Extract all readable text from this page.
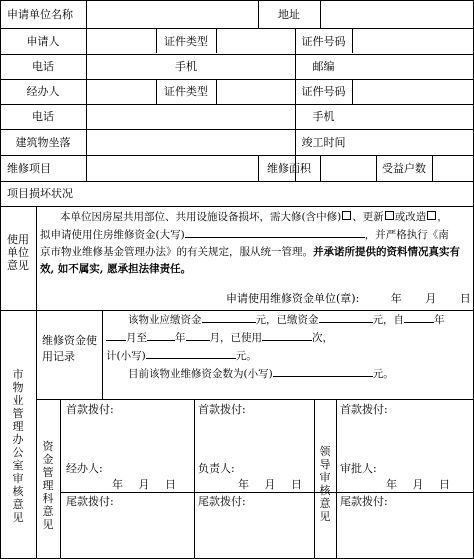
申请单位名称	地址
申请人	证件类型	证件号码
电话	手机	邮编
经办人	证件类型	证件号码
电话	手机
建筑物坐落	竣工时间
维修项目	维修面积	受益户数
项目损坏状况
使用单位意见
本单位因房屋共用部位、共用设施设备损坏，需大修(含中修) 、更新 或改造 ，
拟申请使用住房维修资金(大写)	，并严格执行《南
京市物业维修基金管理办法》的有关规定，服从统一管理。并承诺所提供的资料情况真实有效, 如不属实, 愿承担法律责任。
申请使用维修资金单位(章):	年 月 日
市物业管理办公室审核意见
维修资金使用记录
该物业应缴资金	元，已缴资金	元，自	年
月至	年 月，已使用	次，
计(小写)	元。
目前该物业维修资金数为(小写)	元。
资金管理科意见
领导审核意见
首款拨付:	首款拨付:	首款拨付:
经办人:	负责人:	审批人:
年 月 日	年 月 日	年 月 日
尾款拨付:	尾款拨付:	尾款拨付:
